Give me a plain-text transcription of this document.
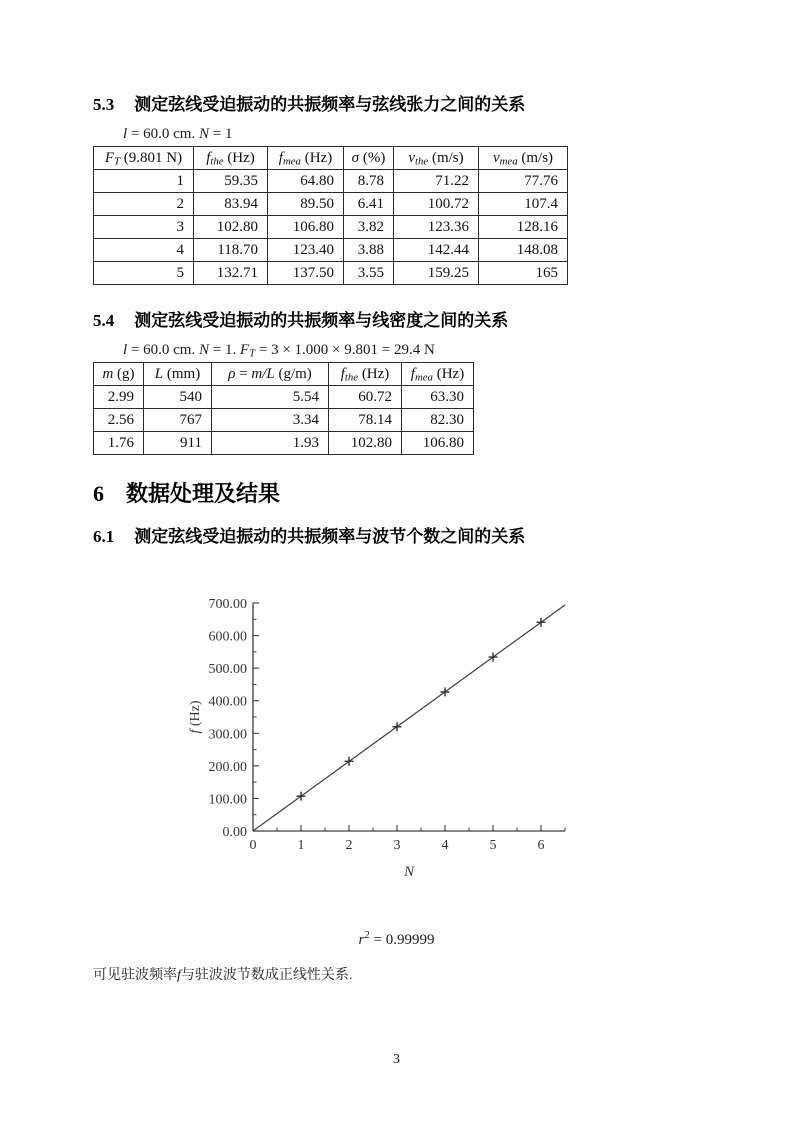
5.3 测定弦线受迫振动的共振频率与弦线张力之间的关系
l = 60.0 cm. N = 1
$F_T$ (9.801 N)	$f_{the}$ (Hz)	$f_{mea}$ (Hz)	σ (%)	$v_{the}$ (m/s)	$v_{mea}$ (m/s)
1	59.35	64.80	8.78	71.22	77.76
2	83.94	89.50	6.41	100.72	107.4
3	102.80	106.80	3.82	123.36	128.16
4	118.70	123.40	3.88	142.44	148.08
5	132.71	137.50	3.55	159.25	165
5.4 测定弦线受迫振动的共振频率与线密度之间的关系
l = 60.0 cm. N = 1. $F_T = 3 \times 1.000 \times 9.801 = 29.4$ N
m (g)	L (mm)	ρ = m/L (g/m)	$f_{the}$ (Hz)	$f_{mea}$ (Hz)
2.99	540	5.54	60.72	63.30
2.56	767	3.34	78.14	82.30
1.76	911	1.93	102.80	106.80
6 数据处理及结果
6.1 测定弦线受迫振动的共振频率与波节个数之间的关系
0	1	2	3	4	5	6
0.00
100.00
200.00
300.00
400.00
500.00
600.00
700.00
N
f (Hz)
$r^2 = 0.99999$
可见驻波频率f与驻波波节数成正线性关系.
3
